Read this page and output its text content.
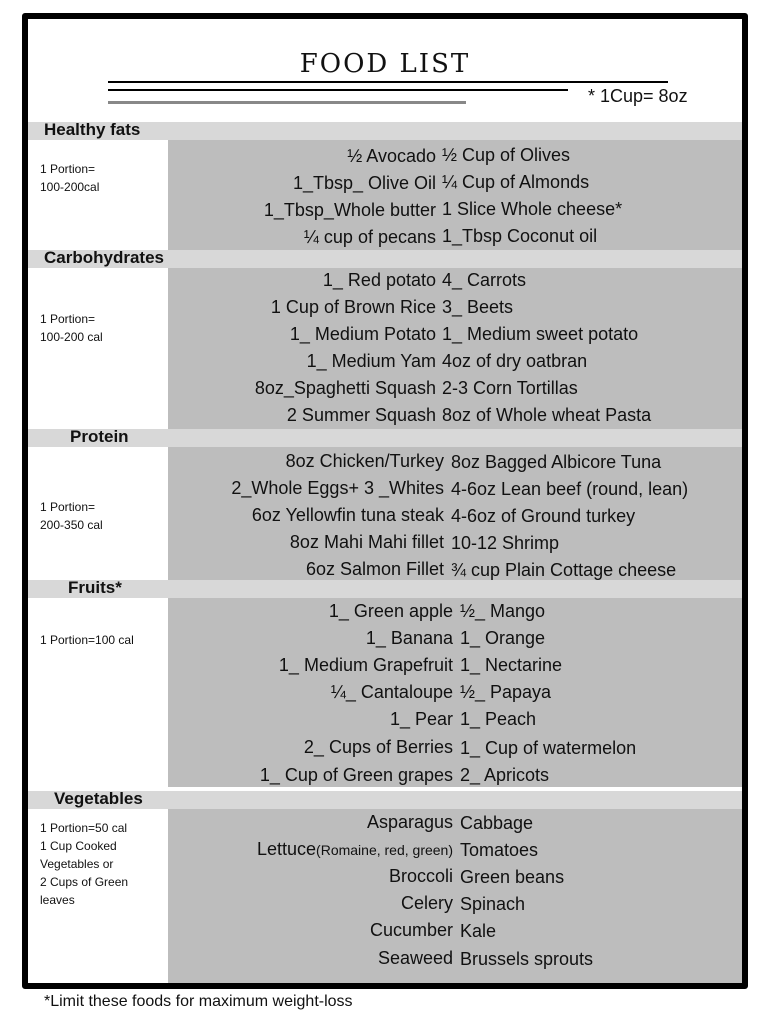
FOOD LIST
* 1Cup= 8oz
Healthy fats
1 Portion=
100-200cal
½ Avocado
1_Tbsp_ Olive Oil
1_Tbsp_Whole butter
¼ cup of pecans
½ Cup of Olives
¼ Cup of Almonds
1 Slice Whole cheese*
1_Tbsp Coconut oil
Carbohydrates
1 Portion=
100-200 cal
1_ Red potato
1 Cup of Brown Rice
1_ Medium Potato
1_ Medium Yam
8oz_Spaghetti Squash
2 Summer Squash
4_ Carrots
3_ Beets
1_ Medium sweet potato
4oz of dry oatbran
2-3 Corn Tortillas
8oz of Whole wheat Pasta
Protein
1 Portion=
200-350 cal
8oz Chicken/Turkey
2_Whole Eggs+ 3 _Whites
6oz Yellowfin tuna steak
8oz Mahi Mahi fillet
6oz Salmon Fillet
8oz Bagged Albicore Tuna
4-6oz Lean beef (round, lean)
4-6oz of Ground turkey
10-12 Shrimp
¾ cup Plain Cottage cheese
Fruits*
1 Portion=100 cal
1_ Green apple
1_ Banana
1_ Medium Grapefruit
¼_ Cantaloupe
1_ Pear
2_ Cups of Berries
1_ Cup of Green grapes
½_ Mango
1_ Orange
1_ Nectarine
½_ Papaya
1_ Peach
1_ Cup of watermelon
2_ Apricots
Vegetables
1 Portion=50 cal
1 Cup Cooked
Vegetables or
2 Cups of Green
leaves
Asparagus
Lettuce(Romaine, red, green)
Broccoli
Celery
Cucumber
Seaweed
Cabbage
Tomatoes
Green beans
Spinach
Kale
Brussels sprouts
*Limit these foods for maximum weight-loss
